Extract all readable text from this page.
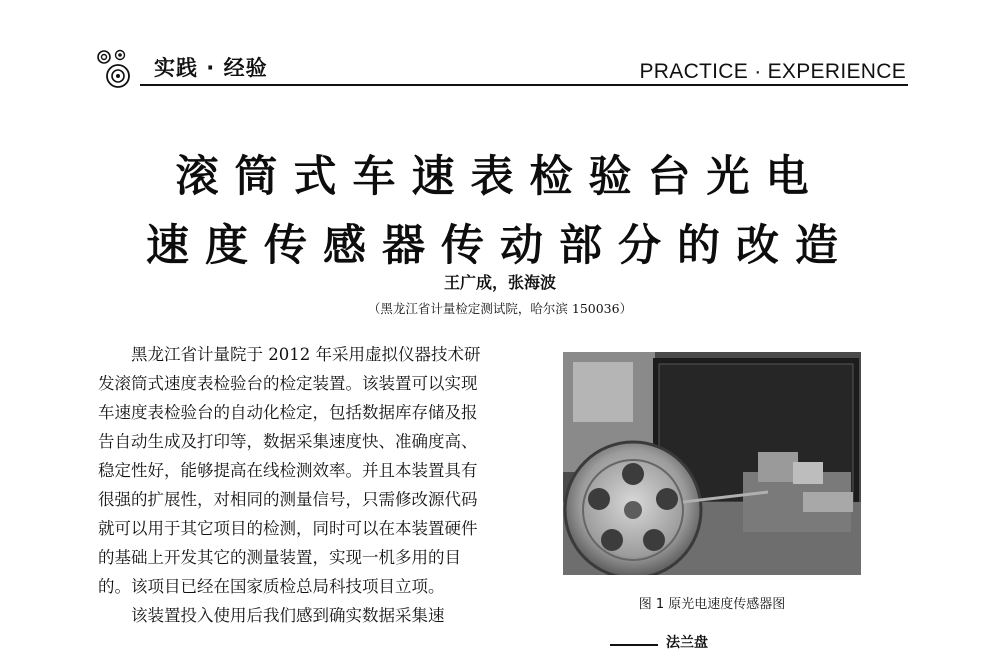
实践 · 经验	PRACTICE · EXPERIENCE
滚筒式车速表检验台光电
速度传感器传动部分的改造
王广成，张海波
（黑龙江省计量检定测试院，哈尔滨 150036）

黑龙江省计量院于 2012 年采用虚拟仪器技术研发滚筒式速度表检验台的检定装置。该装置可以实现车速度表检验台的自动化检定，包括数据库存储及报告自动生成及打印等，数据采集速度快、准确度高、稳定性好，能够提高在线检测效率。并且本装置具有很强的扩展性，对相同的测量信号，只需修改源代码就可以用于其它项目的检测，同时可以在本装置硬件的基础上开发其它的测量装置，实现一机多用的目的。该项目已经在国家质检总局科技项目立项。

该装置投入使用后我们感到确实数据采集速

图 1 原光电速度传感器图
法兰盘
